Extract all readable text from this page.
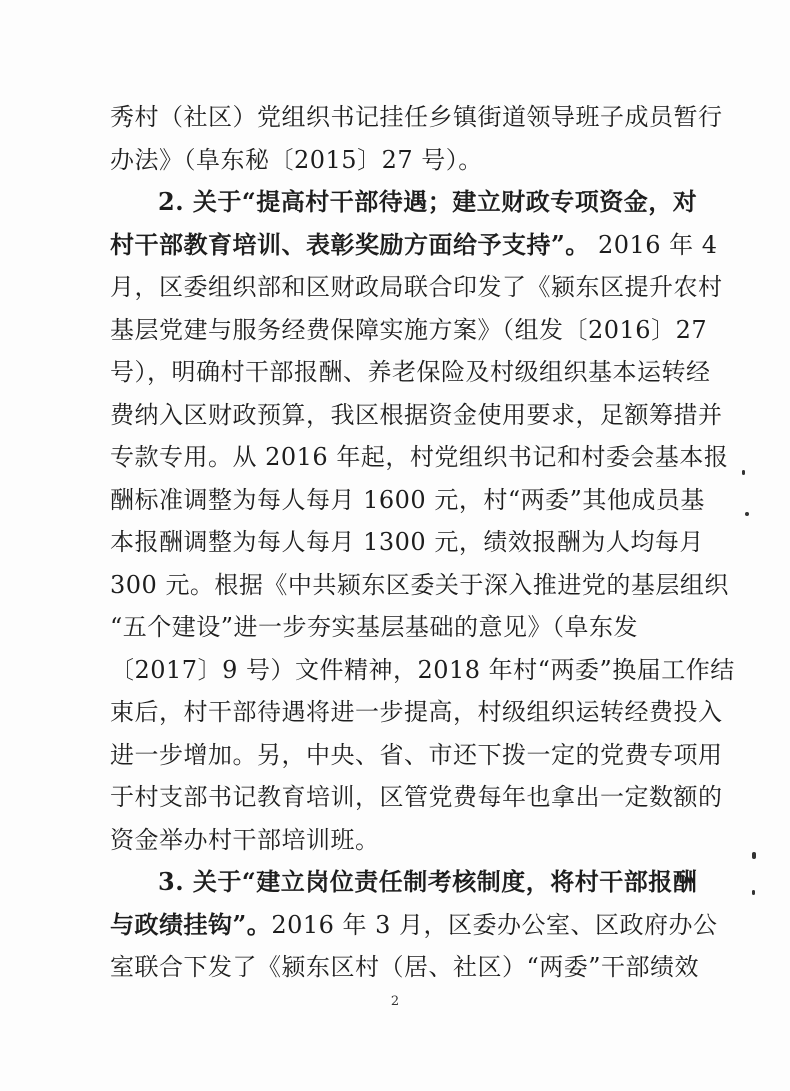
秀村（社区）党组织书记挂任乡镇街道领导班子成员暂行
办法》（阜东秘〔2015〕27 号）。
2. 关于“提高村干部待遇；建立财政专项资金，对
村干部教育培训、表彰奖励方面给予支持”。 2016 年 4
月，区委组织部和区财政局联合印发了《颍东区提升农村
基层党建与服务经费保障实施方案》（组发〔2016〕27
号），明确村干部报酬、养老保险及村级组织基本运转经
费纳入区财政预算，我区根据资金使用要求，足额筹措并
专款专用。从 2016 年起，村党组织书记和村委会基本报
酬标准调整为每人每月 1600 元，村“两委”其他成员基
本报酬调整为每人每月 1300 元，绩效报酬为人均每月
300 元。根据《中共颍东区委关于深入推进党的基层组织
“五个建设”进一步夯实基层基础的意见》（阜东发
〔2017〕9 号）文件精神，2018 年村“两委”换届工作结
束后，村干部待遇将进一步提高，村级组织运转经费投入
进一步增加。另，中央、省、市还下拨一定的党费专项用
于村支部书记教育培训，区管党费每年也拿出一定数额的
资金举办村干部培训班。
3. 关于“建立岗位责任制考核制度，将村干部报酬
与政绩挂钩”。2016 年 3 月，区委办公室、区政府办公
室联合下发了《颍东区村（居、社区）“两委”干部绩效
2
